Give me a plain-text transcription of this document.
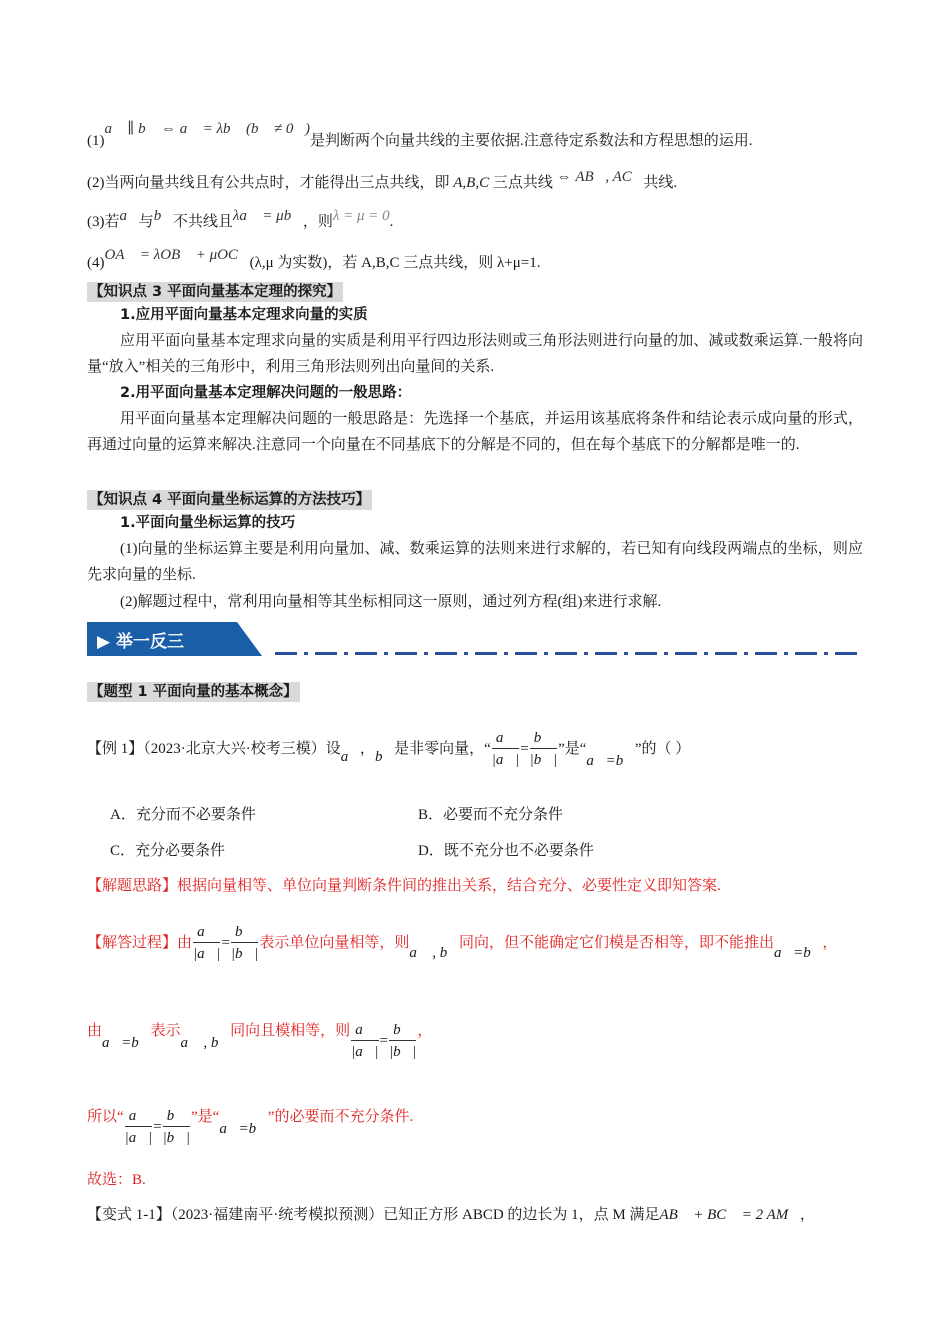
(1)a⃗ ∥ b⃗ ⇔ a⃗ = λb⃗ (b⃗ ≠ 0⃗)是判断两个向量共线的主要依据.注意待定系数法和方程思想的运用.
(2)当两向量共线且有公共点时，才能得出三点共线，即 A,B,C 三点共线 ⇔ AB⃗, AC⃗共线.
(3)若a⃗与b⃗不共线且λa⃗ = μb⃗，则λ = μ = 0.
(4)OA⃗ = λOB⃗ + μOC⃗(λ,μ 为实数)，若 A,B,C 三点共线，则 λ+μ=1.
【知识点 3 平面向量基本定理的探究】
1.应用平面向量基本定理求向量的实质
应用平面向量基本定理求向量的实质是利用平行四边形法则或三角形法则进行向量的加、减或数乘运算.一般将向量“放入”相关的三角形中，利用三角形法则列出向量间的关系.
2.用平面向量基本定理解决问题的一般思路：
用平面向量基本定理解决问题的一般思路是：先选择一个基底，并运用该基底将条件和结论表示成向量的形式，再通过向量的运算来解决.注意同一个向量在不同基底下的分解是不同的，但在每个基底下的分解都是唯一的.
【知识点 4 平面向量坐标运算的方法技巧】
1.平面向量坐标运算的技巧
(1)向量的坐标运算主要是利用向量加、减、数乘运算的法则来进行求解的，若已知有向线段两端点的坐标，则应先求向量的坐标.
(2)解题过程中，常利用向量相等其坐标相同这一原则，通过列方程(组)来进行求解.
▶ 举一反三
【题型 1 平面向量的基本概念】
【例 1】（2023·北京大兴·校考三模）设a⃗，b⃗是非零向量，“ $\frac{a⃗}{|a⃗|} = \frac{b⃗}{|b⃗|}$ ”是“a⃗=b⃗”的（ ）
A．充分而不必要条件	B．必要而不充分条件
C．充分必要条件	D．既不充分也不必要条件
【解题思路】根据向量相等、单位向量判断条件间的推出关系，结合充分、必要性定义即知答案.
【解答过程】由 $\frac{a⃗}{|a⃗|} = \frac{b⃗}{|b⃗|}$ 表示单位向量相等，则a⃗ , b⃗同向，但不能确定它们模是否相等，即不能推出a⃗=b⃗，
由a⃗=b⃗表示a⃗ , b⃗同向且模相等，则 $\frac{a⃗}{|a⃗|} = \frac{b⃗}{|b⃗|}$ ，
所以“ $\frac{a⃗}{|a⃗|} = \frac{b⃗}{|b⃗|}$ ”是“a⃗=b⃗”的必要而不充分条件.
故选：B.
【变式 1-1】（2023·福建南平·统考模拟预测）已知正方形 ABCD 的边长为 1，点 M 满足AB⃗ + BC⃗ = 2 AM⃗，
